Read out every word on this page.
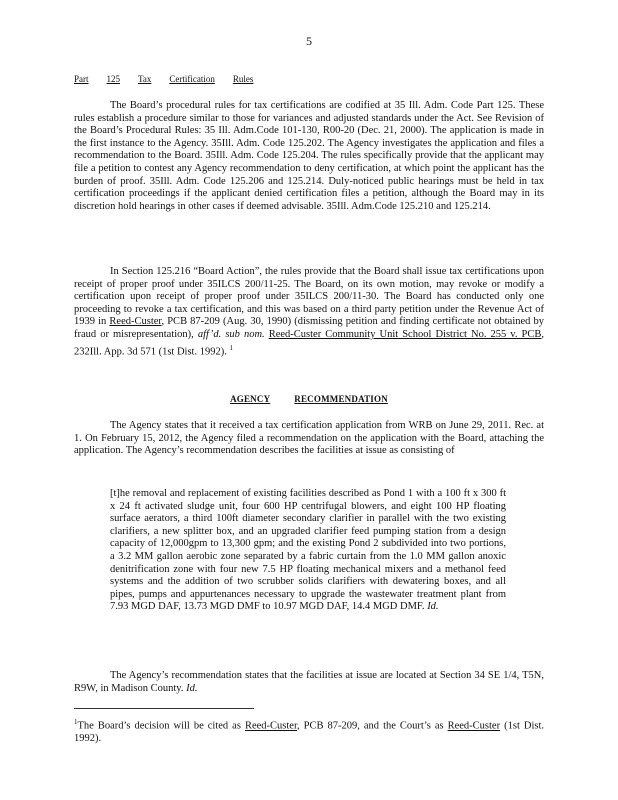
5
Part 125 Tax Certification Rules

The Board’s procedural rules for tax certifications are codified at 35 Ill. Adm. Code Part 125. These rules establish a procedure similar to those for variances and adjusted standards under the Act. See Revision of the Board’s Procedural Rules: 35 Ill. Adm.Code 101-130, R00-20 (Dec. 21, 2000). The application is made in the first instance to the Agency. 35Ill. Adm. Code 125.202. The Agency investigates the application and files a recommendation to the Board. 35Ill. Adm. Code 125.204. The rules specifically provide that the applicant may file a petition to contest any Agency recommendation to deny certification, at which point the applicant has the burden of proof. 35Ill. Adm. Code 125.206 and 125.214. Duly-noticed public hearings must be held in tax certification proceedings if the applicant denied certification files a petition, although the Board may in its discretion hold hearings in other cases if deemed advisable. 35Ill. Adm.Code 125.210 and 125.214.

In Section 125.216 “Board Action”, the rules provide that the Board shall issue tax certifications upon receipt of proper proof under 35ILCS 200/11-25. The Board, on its own motion, may revoke or modify a certification upon receipt of proper proof under 35ILCS 200/11-30. The Board has conducted only one proceeding to revoke a tax certification, and this was based on a third party petition under the Revenue Act of 1939 in Reed-Custer, PCB 87-209 (Aug. 30, 1990) (dismissing petition and finding certificate not obtained by fraud or misrepresentation), aff’d. sub nom. Reed-Custer Community Unit School District No. 255 v. PCB, 232Ill. App. 3d 571 (1st Dist. 1992). $^1$

AGENCY	RECOMMENDATION

The Agency states that it received a tax certification application from WRB on June 29, 2011. Rec. at 1. On February 15, 2012, the Agency filed a recommendation on the application with the Board, attaching the application. The Agency’s recommendation describes the facilities at issue as consisting of

[t]he removal and replacement of existing facilities described as Pond 1 with a 100 ft x 300 ft x 24 ft activated sludge unit, four 600 HP centrifugal blowers, and eight 100 HP floating surface aerators, a third 100ft diameter secondary clarifier in parallel with the two existing clarifiers, a new splitter box, and an upgraded clarifier feed pumping station from a design capacity of 12,000gpm to 13,300 gpm; and the existing Pond 2 subdivided into two portions, a 3.2 MM gallon aerobic zone separated by a fabric curtain from the 1.0 MM gallon anoxic denitrification zone with four new 7.5 HP floating mechanical mixers and a methanol feed systems and the addition of two scrubber solids clarifiers with dewatering boxes, and all pipes, pumps and appurtenances necessary to upgrade the wastewater treatment plant from 7.93 MGD DAF, 13.73 MGD DMF to 10.97 MGD DAF, 14.4 MGD DMF. Id.

The Agency’s recommendation states that the facilities at issue are located at Section 34 SE 1/4, T5N, R9W, in Madison County. Id.

$^1$The Board’s decision will be cited as Reed-Custer, PCB 87-209, and the Court’s as Reed-Custer (1st Dist. 1992).
